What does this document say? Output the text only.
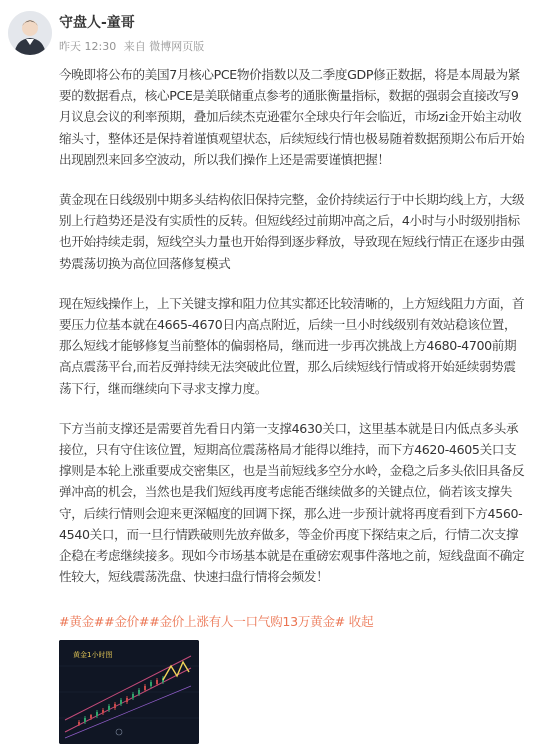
守盘人-童哥
昨天 12:30 来自 微博网页版

今晚即将公布的美国7月核心PCE物价指数以及二季度GDP修正数据，将是本周最为紧要的数据看点，核心PCE是美联储重点参考的通胀衡量指标，数据的强弱会直接改写9月议息会议的利率预期，叠加后续杰克逊霍尔全球央行年会临近，市场zi金开始主动收缩头寸，整体还是保持着谨慎观望状态，后续短线行情也极易随着数据预期公布后开始出现剧烈来回多空波动，所以我们操作上还是需要谨慎把握！

黄金现在日线级别中期多头结构依旧保持完整，金价持续运行于中长期均线上方，大级别上行趋势还是没有实质性的反转。但短线经过前期冲高之后，4小时与小时级别指标也开始持续走弱，短线空头力量也开始得到逐步释放，导致现在短线行情正在逐步由强势震荡切换为高位回落修复模式

现在短线操作上，上下关键支撑和阻力位其实都还比较清晰的，上方短线阻力方面，首要压力位基本就在4665-4670日内高点附近，后续一旦小时线级别有效站稳该位置，那么短线才能够修复当前整体的偏弱格局，继而进一步再次挑战上方4680-4700前期高点震荡平台,而若反弹持续无法突破此位置，那么后续短线行情或将开始延续弱势震荡下行，继而继续向下寻求支撑力度。

下方当前支撑还是需要首先看日内第一支撑4630关口，这里基本就是日内低点多头承接位，只有守住该位置，短期高位震荡格局才能得以维持，而下方4620-4605关口支撑则是本轮上涨重要成交密集区，也是当前短线多空分水岭，金稳之后多头依旧具备反弹冲高的机会，当然也是我们短线再度考虑能否继续做多的关键点位，倘若该支撑失守，后续行情则会迎来更深幅度的回调下探，那么进一步预计就将再度看到下方4560-4540关口，而一旦行情跌破则先放弃做多，等金价再度下探结束之后，行情二次支撑企稳在考虑继续接多。现如今市场基本就是在重磅宏观事件落地之前，短线盘面不确定性较大，短线震荡洗盘、快速扫盘行情将会频发！

#黄金##金价##金价上涨有人一口气购13万黄金# 收起
黄金1小时图
